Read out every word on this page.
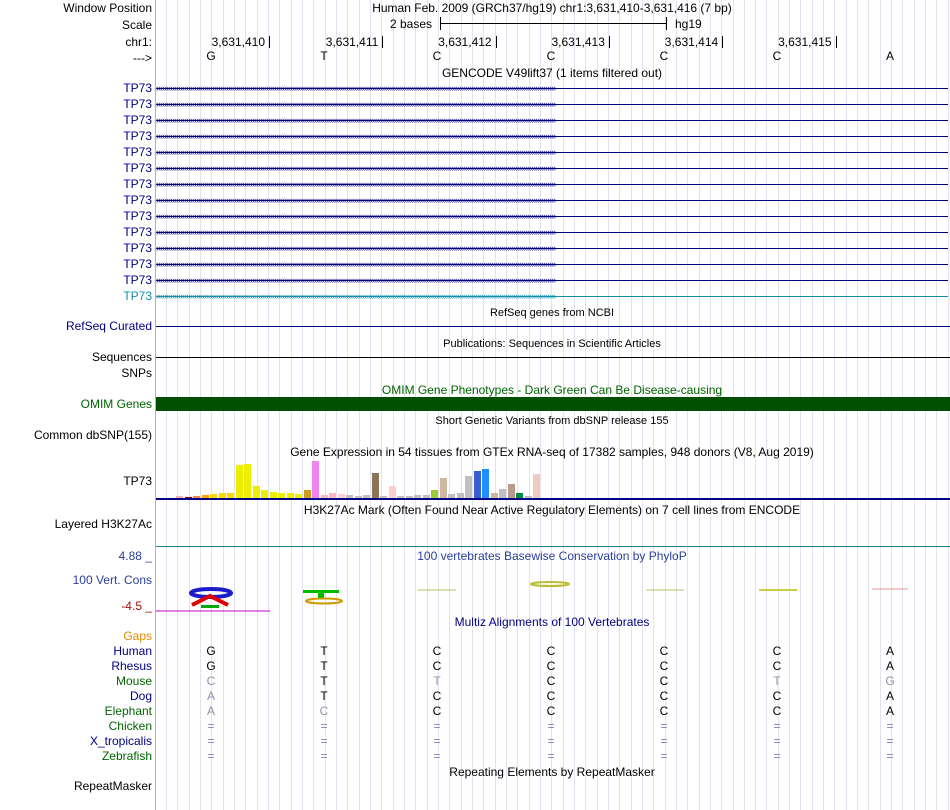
Window Position	Human Feb. 2009 (GRCh37/hg19) chr1:3,631,410-3,631,416 (7 bp)
Scale	2 bases	hg19
chr1:	3,631,410	3,631,411	3,631,412	3,631,413	3,631,414	3,631,415
--->	G	T	C	C	C	C	A
GENCODE V49lift37 (1 items filtered out)
TP73
TP73
TP73
TP73
TP73
TP73
TP73
TP73
TP73
TP73
TP73
TP73
TP73
TP73
››››››››››››››››››››››››››››››››››››››››››››››››››››››››››››››››››››››››››››››››››››››››››››››››››››››››››››››››››››››››››››››››››››››››››››››››››››››››››››››››››››››››››››››››››››››››››››››››››››››››
››››››››››››››››››››››››››››››››››››››››››››››››››››››››››››››››››››››››››››››››››››››››››››››››››››››››››››››››››››››››››››››››››››››››››››››››››››››››››››››››››››››››››››››››››››››››››››››››››››››››
››››››››››››››››››››››››››››››››››››››››››››››››››››››››››››››››››››››››››››››››››››››››››››››››››››››››››››››››››››››››››››››››››››››››››››››››››››››››››››››››››››››››››››››››››››››››››››››››››››››››
››››››››››››››››››››››››››››››››››››››››››››››››››››››››››››››››››››››››››››››››››››››››››››››››››››››››››››››››››››››››››››››››››››››››››››››››››››››››››››››››››››››››››››››››››››››››››››››››››››››››
››››››››››››››››››››››››››››››››››››››››››››››››››››››››››››››››››››››››››››››››››››››››››››››››››››››››››››››››››››››››››››››››››››››››››››››››››››››››››››››››››››››››››››››››››››››››››››››››››››››››
››››››››››››››››››››››››››››››››››››››››››››››››››››››››››››››››››››››››››››››››››››››››››››››››››››››››››››››››››››››››››››››››››››››››››››››››››››››››››››››››››››››››››››››››››››››››››››››››››››››››
››››››››››››››››››››››››››››››››››››››››››››››››››››››››››››››››››››››››››››››››››››››››››››››››››››››››››››››››››››››››››››››››››››››››››››››››››››››››››››››››››››››››››››››››››››››››››››››››››››››››
››››››››››››››››››››››››››››››››››››››››››››››››››››››››››››››››››››››››››››››››››››››››››››››››››››››››››››››››››››››››››››››››››››››››››››››››››››››››››››››››››››››››››››››››››››››››››››››››››››››››
››››››››››››››››››››››››››››››››››››››››››››››››››››››››››››››››››››››››››››››››››››››››››››››››››››››››››››››››››››››››››››››››››››››››››››››››››››››››››››››››››››››››››››››››››››››››››››››››››››››››
››››››››››››››››››››››››››››››››››››››››››››››››››››››››››››››››››››››››››››››››››››››››››››››››››››››››››››››››››››››››››››››››››››››››››››››››››››››››››››››››››››››››››››››››››››››››››››››››››››››››
››››››››››››››››››››››››››››››››››››››››››››››››››››››››››››››››››››››››››››››››››››››››››››››››››››››››››››››››››››››››››››››››››››››››››››››››››››››››››››››››››››››››››››››››››››››››››››››››››››››››
››››››››››››››››››››››››››››››››››››››››››››››››››››››››››››››››››››››››››››››››››››››››››››››››››››››››››››››››››››››››››››››››››››››››››››››››››››››››››››››››››››››››››››››››››››››››››››››››››››››››
››››››››››››››››››››››››››››››››››››››››››››››››››››››››››››››››››››››››››››››››››››››››››››››››››››››››››››››››››››››››››››››››››››››››››››››››››››››››››››››››››››››››››››››››››››››››››››››››››››››››
››››››››››››››››››››››››››››››››››››››››››››››››››››››››››››››››››››››››››››››››››››››››››››››››››››››››››››››››››››››››››››››››››››››››››››››››››››››››››››››››››››››››››››››››››››››››››››››››››››››››
RefSeq genes from NCBI
RefSeq Curated
Publications: Sequences in Scientific Articles
Sequences
SNPs
OMIM Gene Phenotypes - Dark Green Can Be Disease-causing
OMIM Genes
Short Genetic Variants from dbSNP release 155
Common dbSNP(155)
Gene Expression in 54 tissues from GTEx RNA-seq of 17382 samples, 948 donors (V8, Aug 2019)
TP73
H3K27Ac Mark (Often Found Near Active Regulatory Elements) on 7 cell lines from ENCODE
Layered H3K27Ac
100 vertebrates Basewise Conservation by PhyloP
4.88 _
100 Vert. Cons
-4.5 _
Multiz Alignments of 100 Vertebrates
Gaps
Human	G	T	C	C	C	C	A
Rhesus	G	T	C	C	C	C	A
Mouse	C	T	T	C	C	T	G
Dog	A	T	C	C	C	C	A
Elephant	A	C	C	C	C	C	A
Chicken	=	=	=	=	=	=	=
X_tropicalis	=	=	=	=	=	=	=
Zebrafish	=	=	=	=	=	=	=
Repeating Elements by RepeatMasker
RepeatMasker
